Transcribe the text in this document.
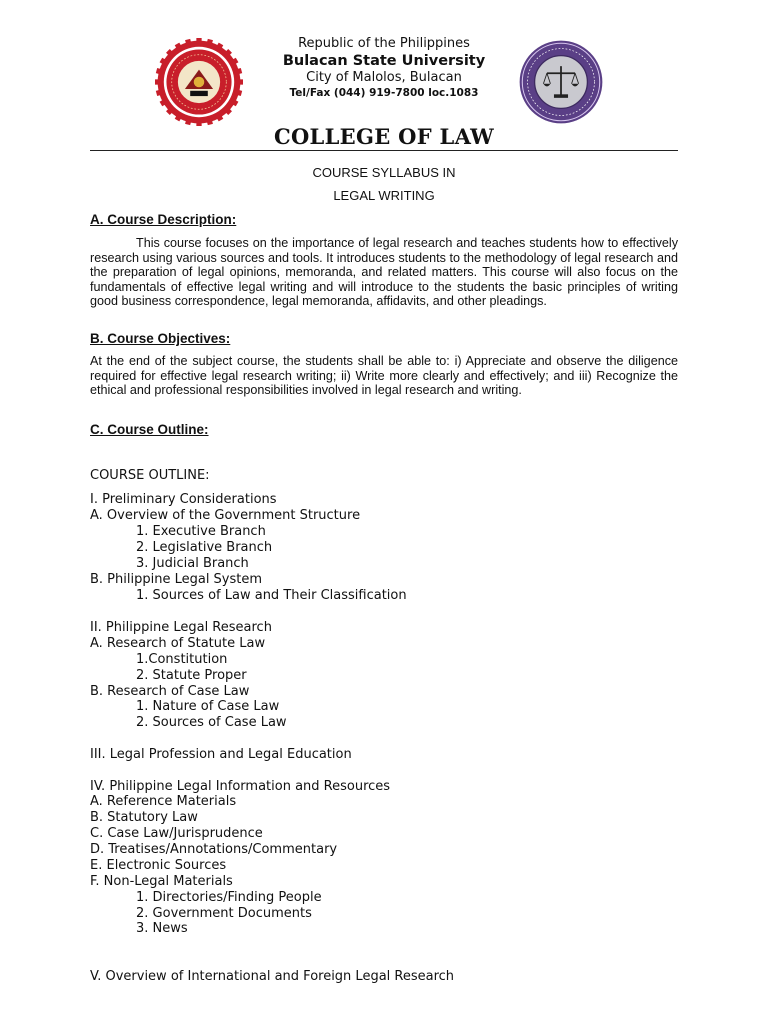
Republic of the Philippines
Bulacan State University
City of Malolos, Bulacan
Tel/Fax (044) 919-7800 loc.1083
COLLEGE OF LAW
COURSE SYLLABUS IN
LEGAL WRITING
A. Course Description:

This course focuses on the importance of legal research and teaches students how to effectively research using various sources and tools. It introduces students to the methodology of legal research and the preparation of legal opinions, memoranda, and related matters. This course will also focus on the fundamentals of effective legal writing and will introduce to the students the basic principles of writing good business correspondence, legal memoranda, affidavits, and other pleadings.

B. Course Objectives:

At the end of the subject course, the students shall be able to: i) Appreciate and observe the diligence required for effective legal research writing; ii) Write more clearly and effectively; and iii) Recognize the ethical and professional responsibilities involved in legal research and writing.

C. Course Outline:
COURSE OUTLINE:
I. Preliminary Considerations
A. Overview of the Government Structure
1. Executive Branch
2. Legislative Branch
3. Judicial Branch
B. Philippine Legal System
1. Sources of Law and Their Classification
II. Philippine Legal Research
A. Research of Statute Law
1.Constitution
2. Statute Proper
B. Research of Case Law
1. Nature of Case Law
2. Sources of Case Law
III. Legal Profession and Legal Education
IV. Philippine Legal Information and Resources
A. Reference Materials
B. Statutory Law
C. Case Law/Jurisprudence
D. Treatises/Annotations/Commentary
E. Electronic Sources
F. Non-Legal Materials
1. Directories/Finding People
2. Government Documents
3. News
V. Overview of International and Foreign Legal Research
